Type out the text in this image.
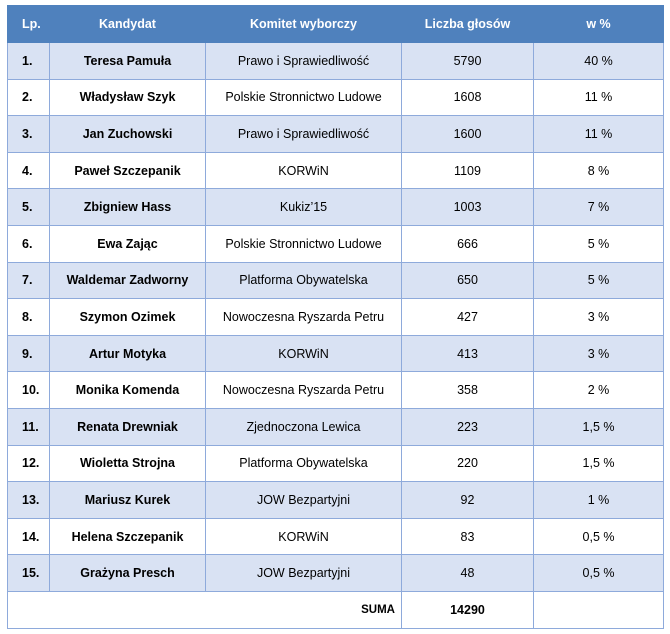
Lp.	Kandydat	Komitet wyborczy	Liczba głosów	w %
1.	Teresa Pamuła	Prawo i Sprawiedliwość	5790	40 %
2.	Władysław Szyk	Polskie Stronnictwo Ludowe	1608	11 %
3.	Jan Zuchowski	Prawo i Sprawiedliwość	1600	11 %
4.	Paweł Szczepanik	KORWiN	1109	8 %
5.	Zbigniew Hass	Kukiz’15	1003	7 %
6.	Ewa Zając	Polskie Stronnictwo Ludowe	666	5 %
7.	Waldemar Zadworny	Platforma Obywatelska	650	5 %
8.	Szymon Ozimek	Nowoczesna Ryszarda Petru	427	3 %
9.	Artur Motyka	KORWiN	413	3 %
10.	Monika Komenda	Nowoczesna Ryszarda Petru	358	2 %
11.	Renata Drewniak	Zjednoczona Lewica	223	1,5 %
12.	Wioletta Strojna	Platforma Obywatelska	220	1,5 %
13.	Mariusz Kurek	JOW Bezpartyjni	92	1 %
14.	Helena Szczepanik	KORWiN	83	0,5 %
15.	Grażyna Presch	JOW Bezpartyjni	48	0,5 %
SUMA			14290	
